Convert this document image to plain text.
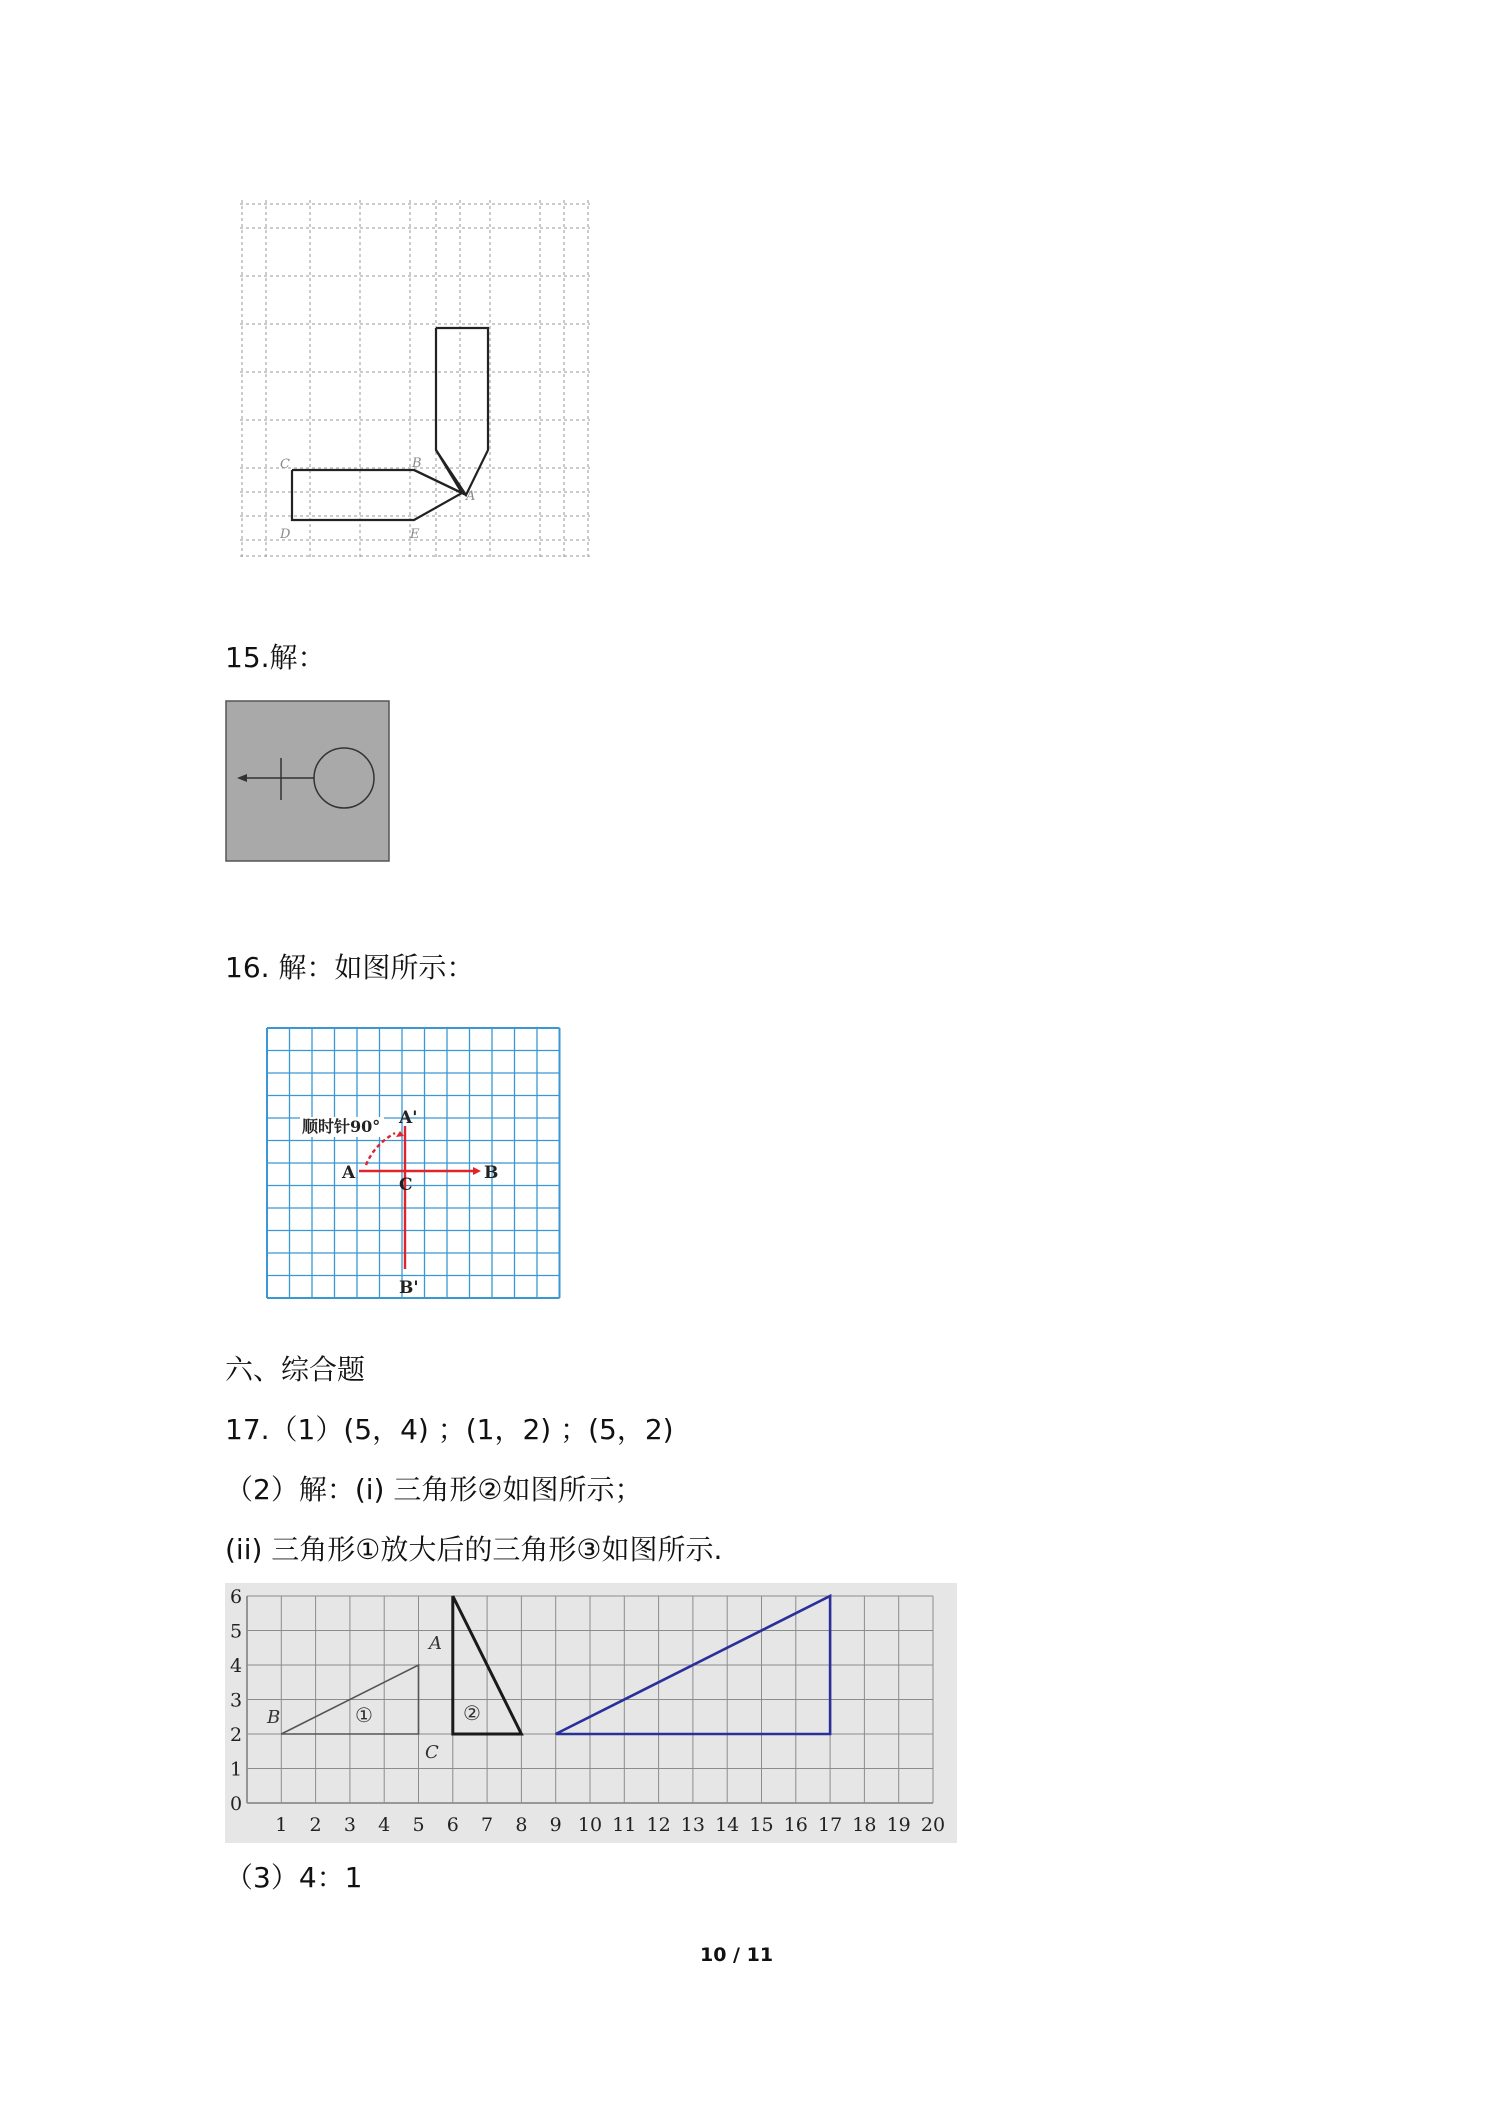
C	B
A
D	E
15.解：
16. 解：如图所示：
A'
A
C
B
B'
顺时针90°
六、综合题
17.（1）(5，4) ；(1，2) ；(5，2)
（2）解：(i) 三角形②如图所示；
(ii) 三角形①放大后的三角形③如图所示.
1 2 3 4 5 6 7 8 9 10 11 12 13 14 15 16 17 18 19 20
0
1
2
3
4
5
6
A
B
C
①	②
（3）4：1
10 / 11
